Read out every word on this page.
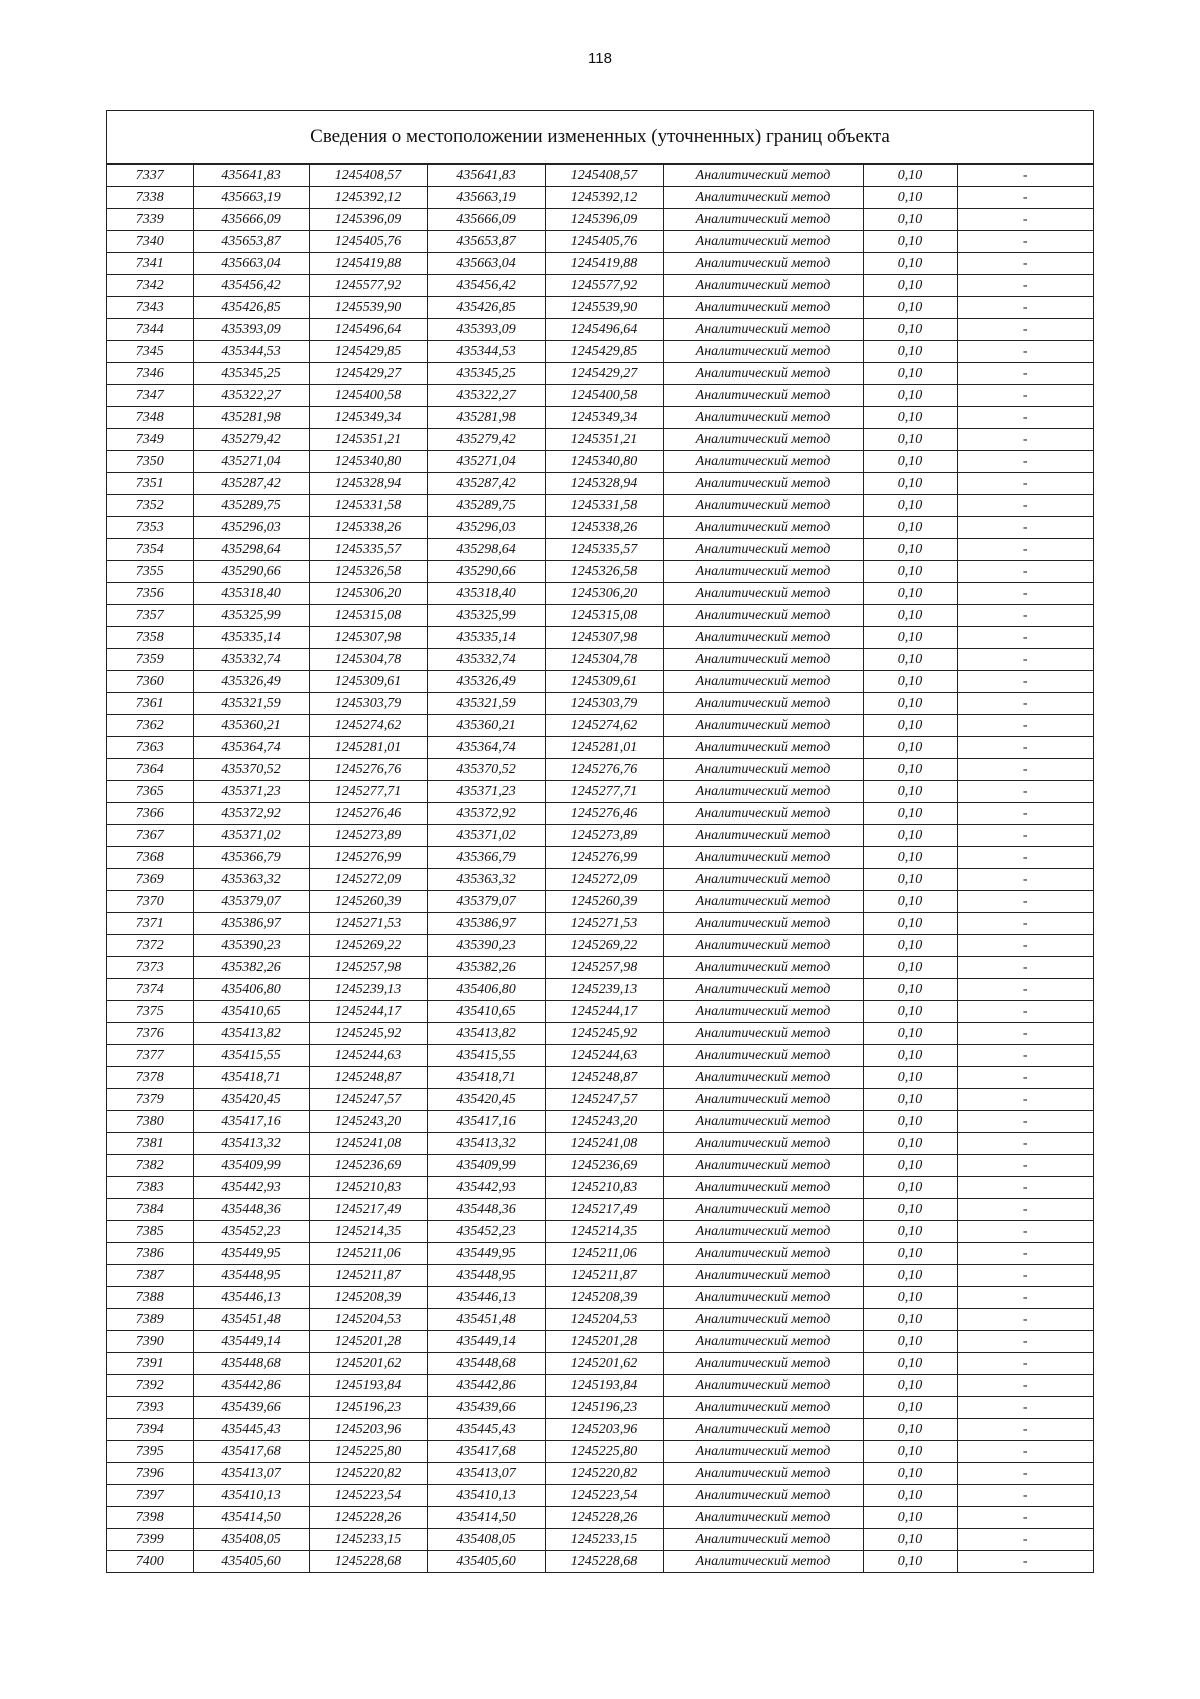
118
Сведения о местоположении измененных (уточненных) границ объекта
7337	435641,83	1245408,57	435641,83	1245408,57	Аналитический метод	0,10	-
7338	435663,19	1245392,12	435663,19	1245392,12	Аналитический метод	0,10	-
7339	435666,09	1245396,09	435666,09	1245396,09	Аналитический метод	0,10	-
7340	435653,87	1245405,76	435653,87	1245405,76	Аналитический метод	0,10	-
7341	435663,04	1245419,88	435663,04	1245419,88	Аналитический метод	0,10	-
7342	435456,42	1245577,92	435456,42	1245577,92	Аналитический метод	0,10	-
7343	435426,85	1245539,90	435426,85	1245539,90	Аналитический метод	0,10	-
7344	435393,09	1245496,64	435393,09	1245496,64	Аналитический метод	0,10	-
7345	435344,53	1245429,85	435344,53	1245429,85	Аналитический метод	0,10	-
7346	435345,25	1245429,27	435345,25	1245429,27	Аналитический метод	0,10	-
7347	435322,27	1245400,58	435322,27	1245400,58	Аналитический метод	0,10	-
7348	435281,98	1245349,34	435281,98	1245349,34	Аналитический метод	0,10	-
7349	435279,42	1245351,21	435279,42	1245351,21	Аналитический метод	0,10	-
7350	435271,04	1245340,80	435271,04	1245340,80	Аналитический метод	0,10	-
7351	435287,42	1245328,94	435287,42	1245328,94	Аналитический метод	0,10	-
7352	435289,75	1245331,58	435289,75	1245331,58	Аналитический метод	0,10	-
7353	435296,03	1245338,26	435296,03	1245338,26	Аналитический метод	0,10	-
7354	435298,64	1245335,57	435298,64	1245335,57	Аналитический метод	0,10	-
7355	435290,66	1245326,58	435290,66	1245326,58	Аналитический метод	0,10	-
7356	435318,40	1245306,20	435318,40	1245306,20	Аналитический метод	0,10	-
7357	435325,99	1245315,08	435325,99	1245315,08	Аналитический метод	0,10	-
7358	435335,14	1245307,98	435335,14	1245307,98	Аналитический метод	0,10	-
7359	435332,74	1245304,78	435332,74	1245304,78	Аналитический метод	0,10	-
7360	435326,49	1245309,61	435326,49	1245309,61	Аналитический метод	0,10	-
7361	435321,59	1245303,79	435321,59	1245303,79	Аналитический метод	0,10	-
7362	435360,21	1245274,62	435360,21	1245274,62	Аналитический метод	0,10	-
7363	435364,74	1245281,01	435364,74	1245281,01	Аналитический метод	0,10	-
7364	435370,52	1245276,76	435370,52	1245276,76	Аналитический метод	0,10	-
7365	435371,23	1245277,71	435371,23	1245277,71	Аналитический метод	0,10	-
7366	435372,92	1245276,46	435372,92	1245276,46	Аналитический метод	0,10	-
7367	435371,02	1245273,89	435371,02	1245273,89	Аналитический метод	0,10	-
7368	435366,79	1245276,99	435366,79	1245276,99	Аналитический метод	0,10	-
7369	435363,32	1245272,09	435363,32	1245272,09	Аналитический метод	0,10	-
7370	435379,07	1245260,39	435379,07	1245260,39	Аналитический метод	0,10	-
7371	435386,97	1245271,53	435386,97	1245271,53	Аналитический метод	0,10	-
7372	435390,23	1245269,22	435390,23	1245269,22	Аналитический метод	0,10	-
7373	435382,26	1245257,98	435382,26	1245257,98	Аналитический метод	0,10	-
7374	435406,80	1245239,13	435406,80	1245239,13	Аналитический метод	0,10	-
7375	435410,65	1245244,17	435410,65	1245244,17	Аналитический метод	0,10	-
7376	435413,82	1245245,92	435413,82	1245245,92	Аналитический метод	0,10	-
7377	435415,55	1245244,63	435415,55	1245244,63	Аналитический метод	0,10	-
7378	435418,71	1245248,87	435418,71	1245248,87	Аналитический метод	0,10	-
7379	435420,45	1245247,57	435420,45	1245247,57	Аналитический метод	0,10	-
7380	435417,16	1245243,20	435417,16	1245243,20	Аналитический метод	0,10	-
7381	435413,32	1245241,08	435413,32	1245241,08	Аналитический метод	0,10	-
7382	435409,99	1245236,69	435409,99	1245236,69	Аналитический метод	0,10	-
7383	435442,93	1245210,83	435442,93	1245210,83	Аналитический метод	0,10	-
7384	435448,36	1245217,49	435448,36	1245217,49	Аналитический метод	0,10	-
7385	435452,23	1245214,35	435452,23	1245214,35	Аналитический метод	0,10	-
7386	435449,95	1245211,06	435449,95	1245211,06	Аналитический метод	0,10	-
7387	435448,95	1245211,87	435448,95	1245211,87	Аналитический метод	0,10	-
7388	435446,13	1245208,39	435446,13	1245208,39	Аналитический метод	0,10	-
7389	435451,48	1245204,53	435451,48	1245204,53	Аналитический метод	0,10	-
7390	435449,14	1245201,28	435449,14	1245201,28	Аналитический метод	0,10	-
7391	435448,68	1245201,62	435448,68	1245201,62	Аналитический метод	0,10	-
7392	435442,86	1245193,84	435442,86	1245193,84	Аналитический метод	0,10	-
7393	435439,66	1245196,23	435439,66	1245196,23	Аналитический метод	0,10	-
7394	435445,43	1245203,96	435445,43	1245203,96	Аналитический метод	0,10	-
7395	435417,68	1245225,80	435417,68	1245225,80	Аналитический метод	0,10	-
7396	435413,07	1245220,82	435413,07	1245220,82	Аналитический метод	0,10	-
7397	435410,13	1245223,54	435410,13	1245223,54	Аналитический метод	0,10	-
7398	435414,50	1245228,26	435414,50	1245228,26	Аналитический метод	0,10	-
7399	435408,05	1245233,15	435408,05	1245233,15	Аналитический метод	0,10	-
7400	435405,60	1245228,68	435405,60	1245228,68	Аналитический метод	0,10	-
